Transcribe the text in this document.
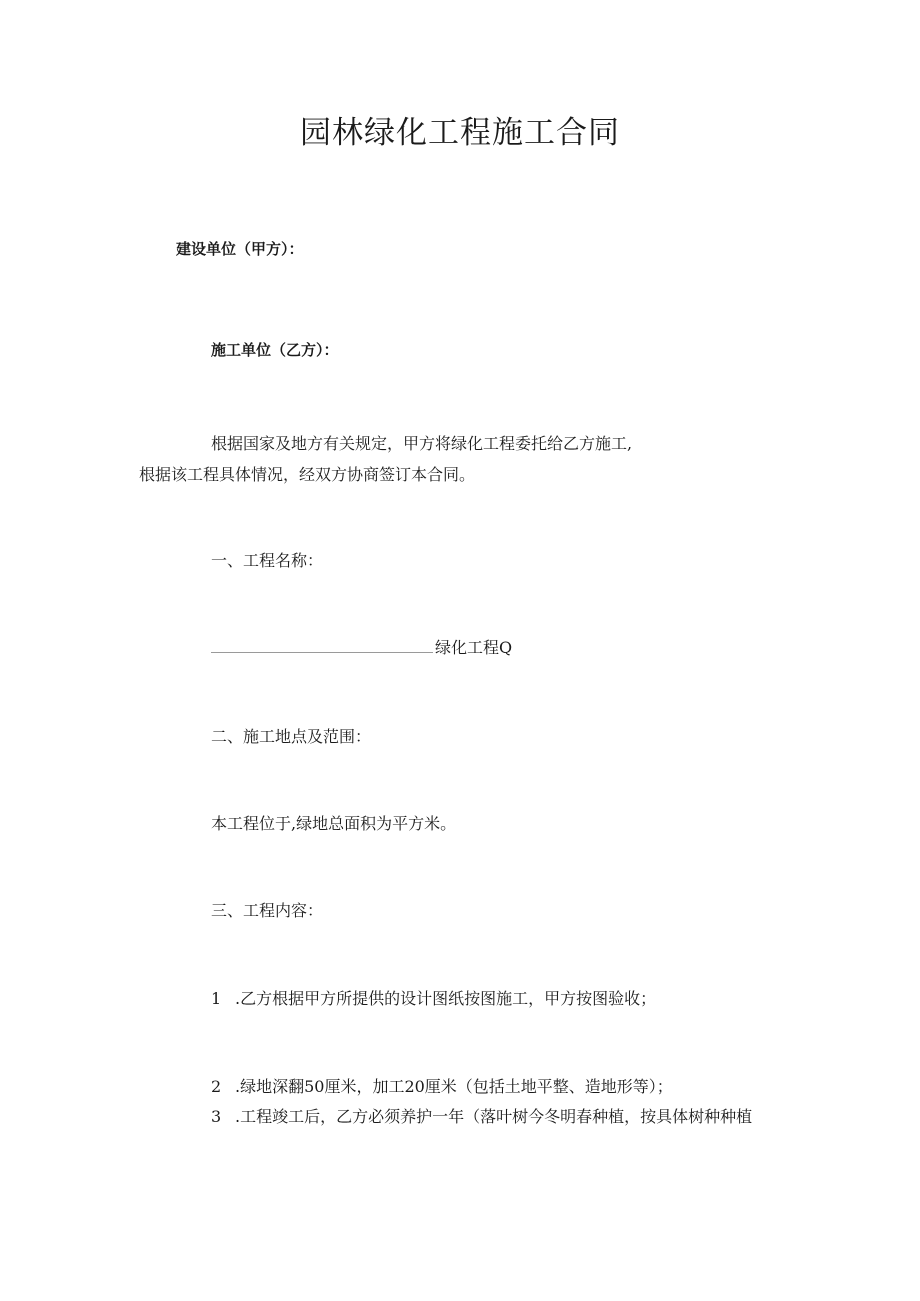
园林绿化工程施工合同
建设单位（甲方）：
施工单位（乙方）：
根据国家及地方有关规定，甲方将绿化工程委托给乙方施工,
根据该工程具体情况，经双方协商签订本合同。
一、工程名称：
绿化工程Q
二、施工地点及范围：
本工程位于,绿地总面积为平方米。
三、工程内容：
1 .乙方根据甲方所提供的设计图纸按图施工，甲方按图验收；
2 .绿地深翻50厘米，加工20厘米（包括土地平整、造地形等）；
3 .工程竣工后，乙方必须养护一年（落叶树今冬明春种植，按具体树种种植
